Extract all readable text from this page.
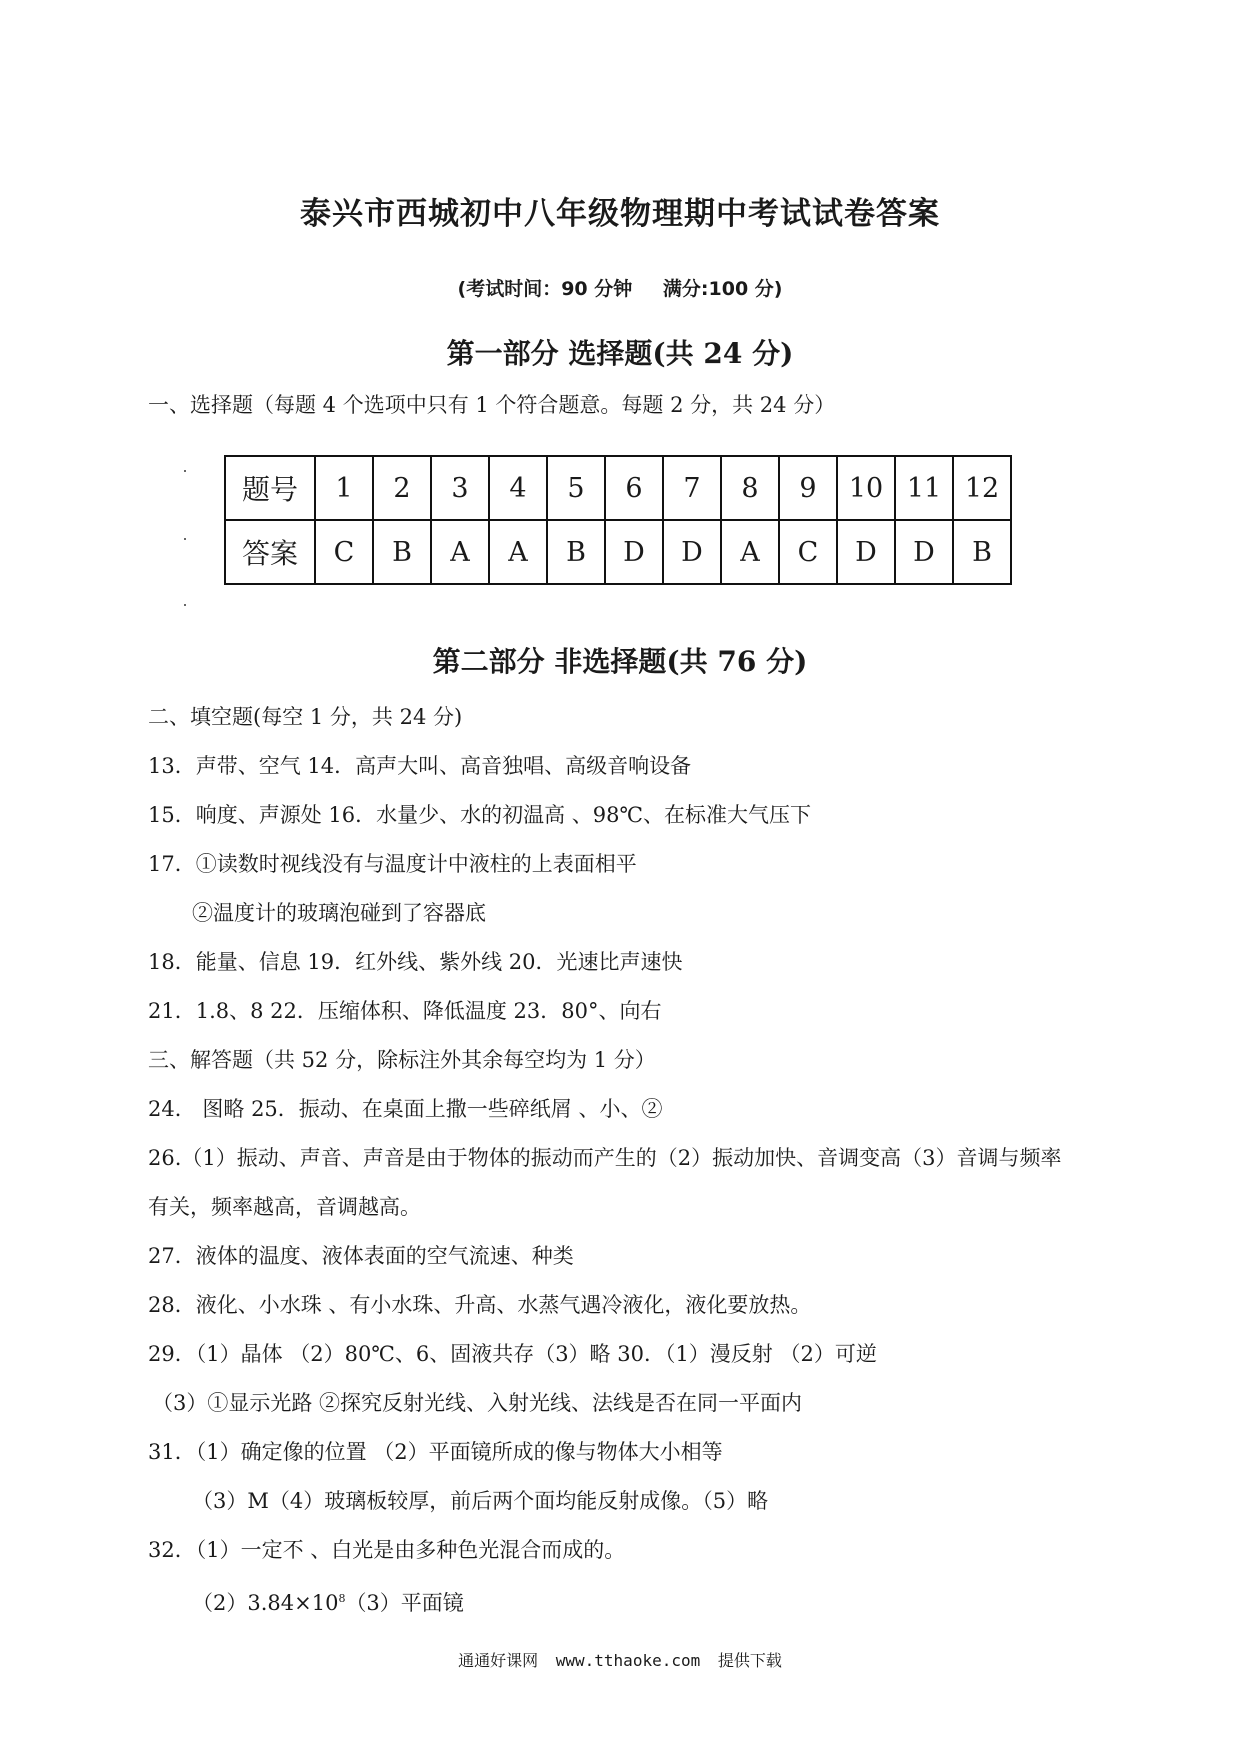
泰兴市西城初中八年级物理期中考试试卷答案
(考试时间：90 分钟 满分:100 分)
第一部分 选择题(共 24 分)
一、选择题（每题 4 个选项中只有 1 个符合题意。每题 2 分，共 24 分）
题号	1	2	3	4	5	6	7	8	9	10	11	12
答案	C	B	A	A	B	D	D	A	C	D	D	B
第二部分 非选择题(共 76 分)
二、填空题(每空 1 分，共 24 分)
13．声带、空气 14．高声大叫、高音独唱、高级音响设备
15．响度、声源处 16．水量少、水的初温高 、98℃、在标准大气压下
17．①读数时视线没有与温度计中液柱的上表面相平
②温度计的玻璃泡碰到了容器底
18．能量、信息 19．红外线、紫外线 20．光速比声速快
21．1.8、8 22．压缩体积、降低温度 23．80°、向右
三、解答题（共 52 分，除标注外其余每空均为 1 分）
24． 图略 25．振动、在桌面上撒一些碎纸屑 、小、②
26.（1）振动、声音、声音是由于物体的振动而产生的（2）振动加快、音调变高（3）音调与频率
有关，频率越高，音调越高。
27．液体的温度、液体表面的空气流速、种类
28．液化、小水珠 、有小水珠、升高、水蒸气遇冷液化，液化要放热。
29．（1）晶体 （2）80℃、6、固液共存（3）略 30．（1）漫反射 （2）可逆
（3）①显示光路 ②探究反射光线、入射光线、法线是否在同一平面内
31．（1）确定像的位置 （2）平面镜所成的像与物体大小相等
（3）M（4）玻璃板较厚，前后两个面均能反射成像。（5）略
32．（1）一定不 、白光是由多种色光混合而成的。
$(2)3.84\times 10^8(3)$平面镜
通通好课网 www.tthaoke.com 提供下载
